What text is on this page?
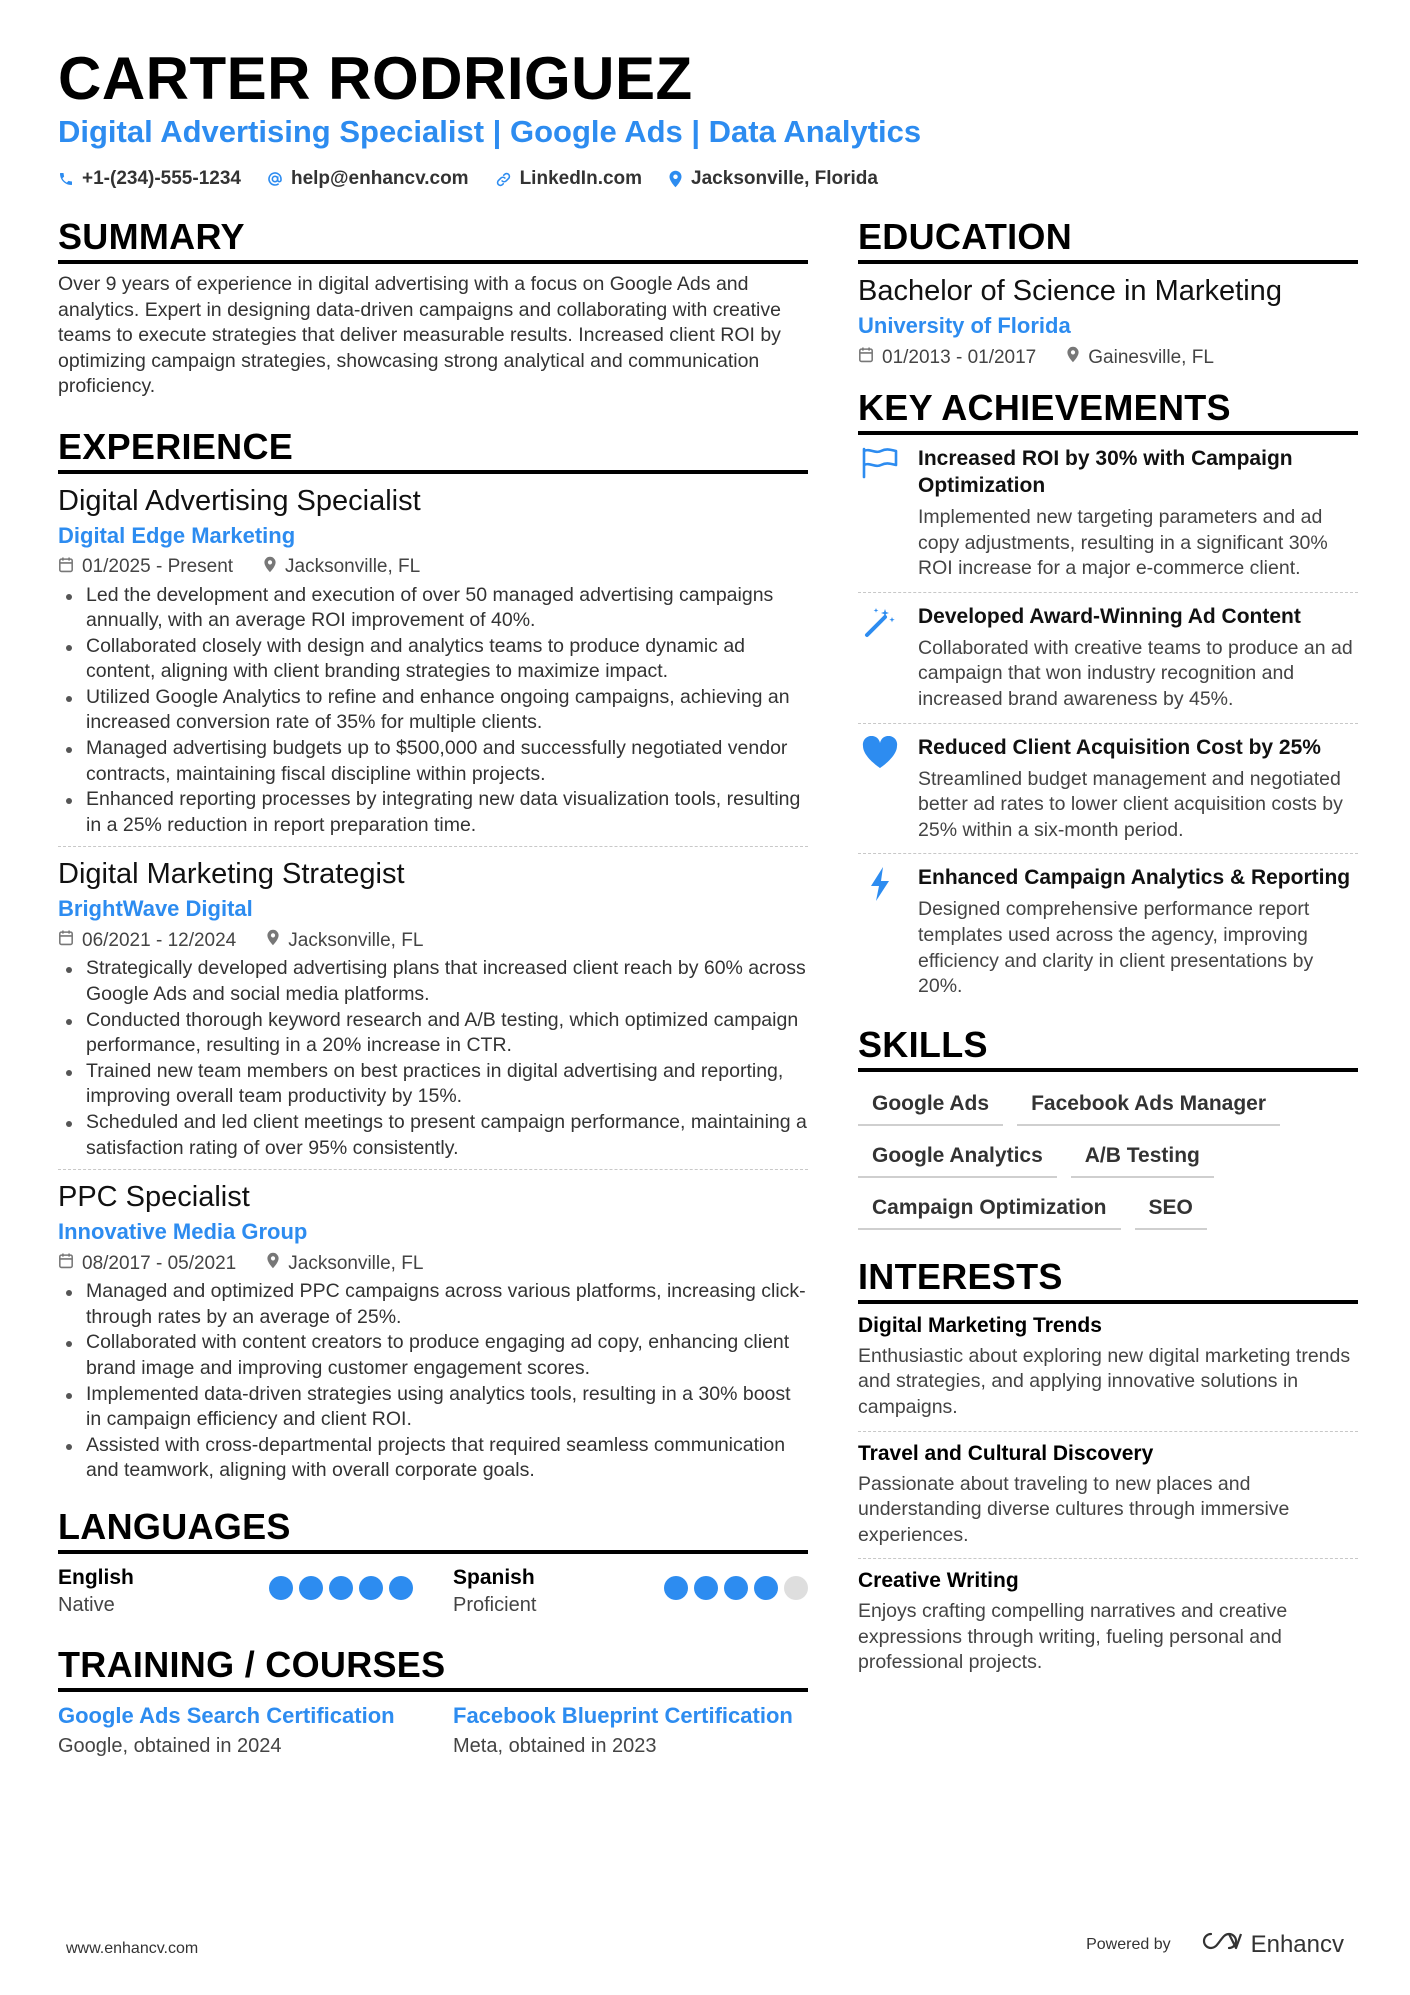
CARTER RODRIGUEZ
Digital Advertising Specialist | Google Ads | Data Analytics
+1-(234)-555-1234	help@enhancv.com	LinkedIn.com	Jacksonville, Florida
SUMMARY
Over 9 years of experience in digital advertising with a focus on Google Ads and analytics. Expert in designing data-driven campaigns and collaborating with creative teams to execute strategies that deliver measurable results. Increased client ROI by optimizing campaign strategies, showcasing strong analytical and communication proficiency.
EXPERIENCE
Digital Advertising Specialist
Digital Edge Marketing
01/2025 - Present	Jacksonville, FL
Led the development and execution of over 50 managed advertising campaigns annually, with an average ROI improvement of 40%.
Collaborated closely with design and analytics teams to produce dynamic ad content, aligning with client branding strategies to maximize impact.
Utilized Google Analytics to refine and enhance ongoing campaigns, achieving an increased conversion rate of 35% for multiple clients.
Managed advertising budgets up to $500,000 and successfully negotiated vendor contracts, maintaining fiscal discipline within projects.
Enhanced reporting processes by integrating new data visualization tools, resulting in a 25% reduction in report preparation time.
Digital Marketing Strategist
BrightWave Digital
06/2021 - 12/2024	Jacksonville, FL
Strategically developed advertising plans that increased client reach by 60% across Google Ads and social media platforms.
Conducted thorough keyword research and A/B testing, which optimized campaign performance, resulting in a 20% increase in CTR.
Trained new team members on best practices in digital advertising and reporting, improving overall team productivity by 15%.
Scheduled and led client meetings to present campaign performance, maintaining a satisfaction rating of over 95% consistently.
PPC Specialist
Innovative Media Group
08/2017 - 05/2021	Jacksonville, FL
Managed and optimized PPC campaigns across various platforms, increasing click-through rates by an average of 25%.
Collaborated with content creators to produce engaging ad copy, enhancing client brand image and improving customer engagement scores.
Implemented data-driven strategies using analytics tools, resulting in a 30% boost in campaign efficiency and client ROI.
Assisted with cross-departmental projects that required seamless communication and teamwork, aligning with overall corporate goals.
LANGUAGES
English
Native
Spanish
Proficient
TRAINING / COURSES
Google Ads Search Certification
Google, obtained in 2024
Facebook Blueprint Certification
Meta, obtained in 2023
EDUCATION
Bachelor of Science in Marketing
University of Florida
01/2013 - 01/2017	Gainesville, FL
KEY ACHIEVEMENTS
Increased ROI by 30% with Campaign Optimization
Implemented new targeting parameters and ad copy adjustments, resulting in a significant 30% ROI increase for a major e-commerce client.
Developed Award-Winning Ad Content
Collaborated with creative teams to produce an ad campaign that won industry recognition and increased brand awareness by 45%.
Reduced Client Acquisition Cost by 25%
Streamlined budget management and negotiated better ad rates to lower client acquisition costs by 25% within a six-month period.
Enhanced Campaign Analytics & Reporting
Designed comprehensive performance report templates used across the agency, improving efficiency and clarity in client presentations by 20%.
SKILLS
Google Ads	Facebook Ads Manager
Google Analytics	A/B Testing
Campaign Optimization	SEO
INTERESTS
Digital Marketing Trends
Enthusiastic about exploring new digital marketing trends and strategies, and applying innovative solutions in campaigns.
Travel and Cultural Discovery
Passionate about traveling to new places and understanding diverse cultures through immersive experiences.
Creative Writing
Enjoys crafting compelling narratives and creative expressions through writing, fueling personal and professional projects.
www.enhancv.com	Powered by	Enhancv
